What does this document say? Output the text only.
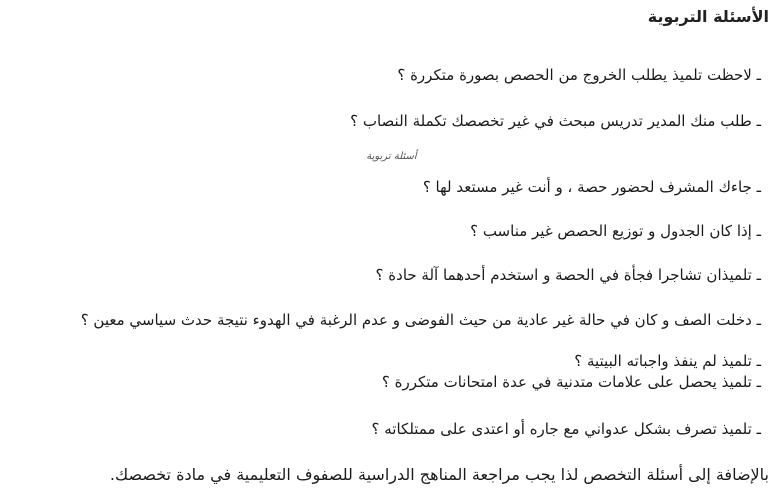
الأسئلة التربوية
ـ لاحظت تلميذ يطلب الخروج من الحصص بصورة متكررة ؟
ـ طلب منك المدير تدريس مبحث في غير تخصصك تكملة النصاب ؟
أسئلة تربوية
ـ جاءك المشرف لحضور حصة ، و أنت غير مستعد لها ؟
ـ إذا كان الجدول و توزيع الحصص غير مناسب ؟
ـ تلميذان تشاجرا فجأة في الحصة و استخدم أحدهما آلة حادة ؟
ـ دخلت الصف و كان في حالة غير عادية من حيث الفوضى و عدم الرغبة في الهدوء نتيجة حدث سياسي معين ؟
ـ تلميذ لم ينفذ واجباته البيتية ؟
ـ تلميذ يحصل على علامات متدنية في عدة امتحانات متكررة ؟
ـ تلميذ تصرف بشكل عدواني مع جاره أو اعتدى على ممتلكاته ؟
بالإضافة إلى أسئلة التخصص لذا يجب مراجعة المناهج الدراسية للصفوف التعليمية في مادة تخصصك.
